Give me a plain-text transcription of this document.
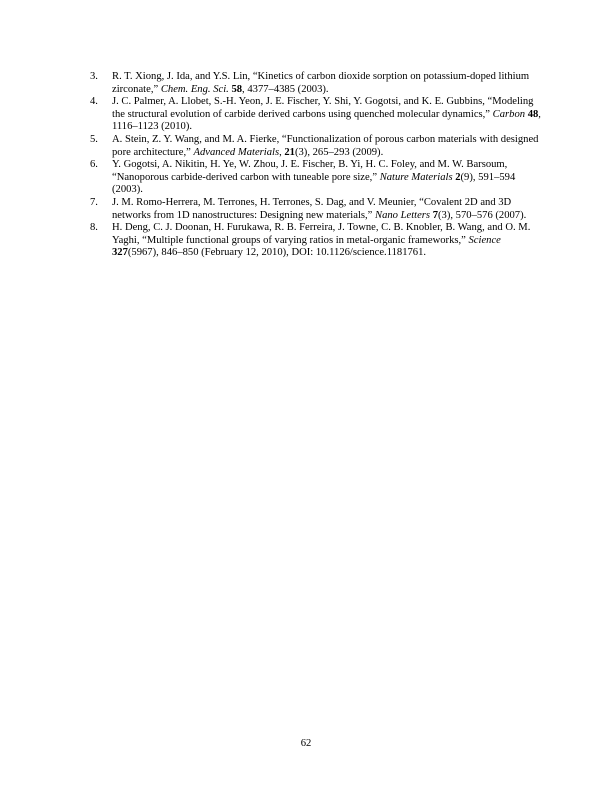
3. R. T. Xiong, J. Ida, and Y.S. Lin, “Kinetics of carbon dioxide sorption on potassium-doped lithium zirconate,” Chem. Eng. Sci. 58, 4377–4385 (2003).
4. J. C. Palmer, A. Llobet, S.-H. Yeon, J. E. Fischer, Y. Shi, Y. Gogotsi, and K. E. Gubbins, “Modeling the structural evolution of carbide derived carbons using quenched molecular dynamics,” Carbon 48, 1116–1123 (2010).
5. A. Stein, Z. Y. Wang, and M. A. Fierke, “Functionalization of porous carbon materials with designed pore architecture,” Advanced Materials, 21(3), 265–293 (2009).
6. Y. Gogotsi, A. Nikitin, H. Ye, W. Zhou, J. E. Fischer, B. Yi, H. C. Foley, and M. W. Barsoum, “Nanoporous carbide-derived carbon with tuneable pore size,” Nature Materials 2(9), 591–594 (2003).
7. J. M. Romo-Herrera, M. Terrones, H. Terrones, S. Dag, and V. Meunier, “Covalent 2D and 3D networks from 1D nanostructures: Designing new materials,” Nano Letters 7(3), 570–576 (2007).
8. H. Deng, C. J. Doonan, H. Furukawa, R. B. Ferreira, J. Towne, C. B. Knobler, B. Wang, and O. M. Yaghi, “Multiple functional groups of varying ratios in metal-organic frameworks,” Science 327(5967), 846–850 (February 12, 2010), DOI: 10.1126/science.1181761.
62
